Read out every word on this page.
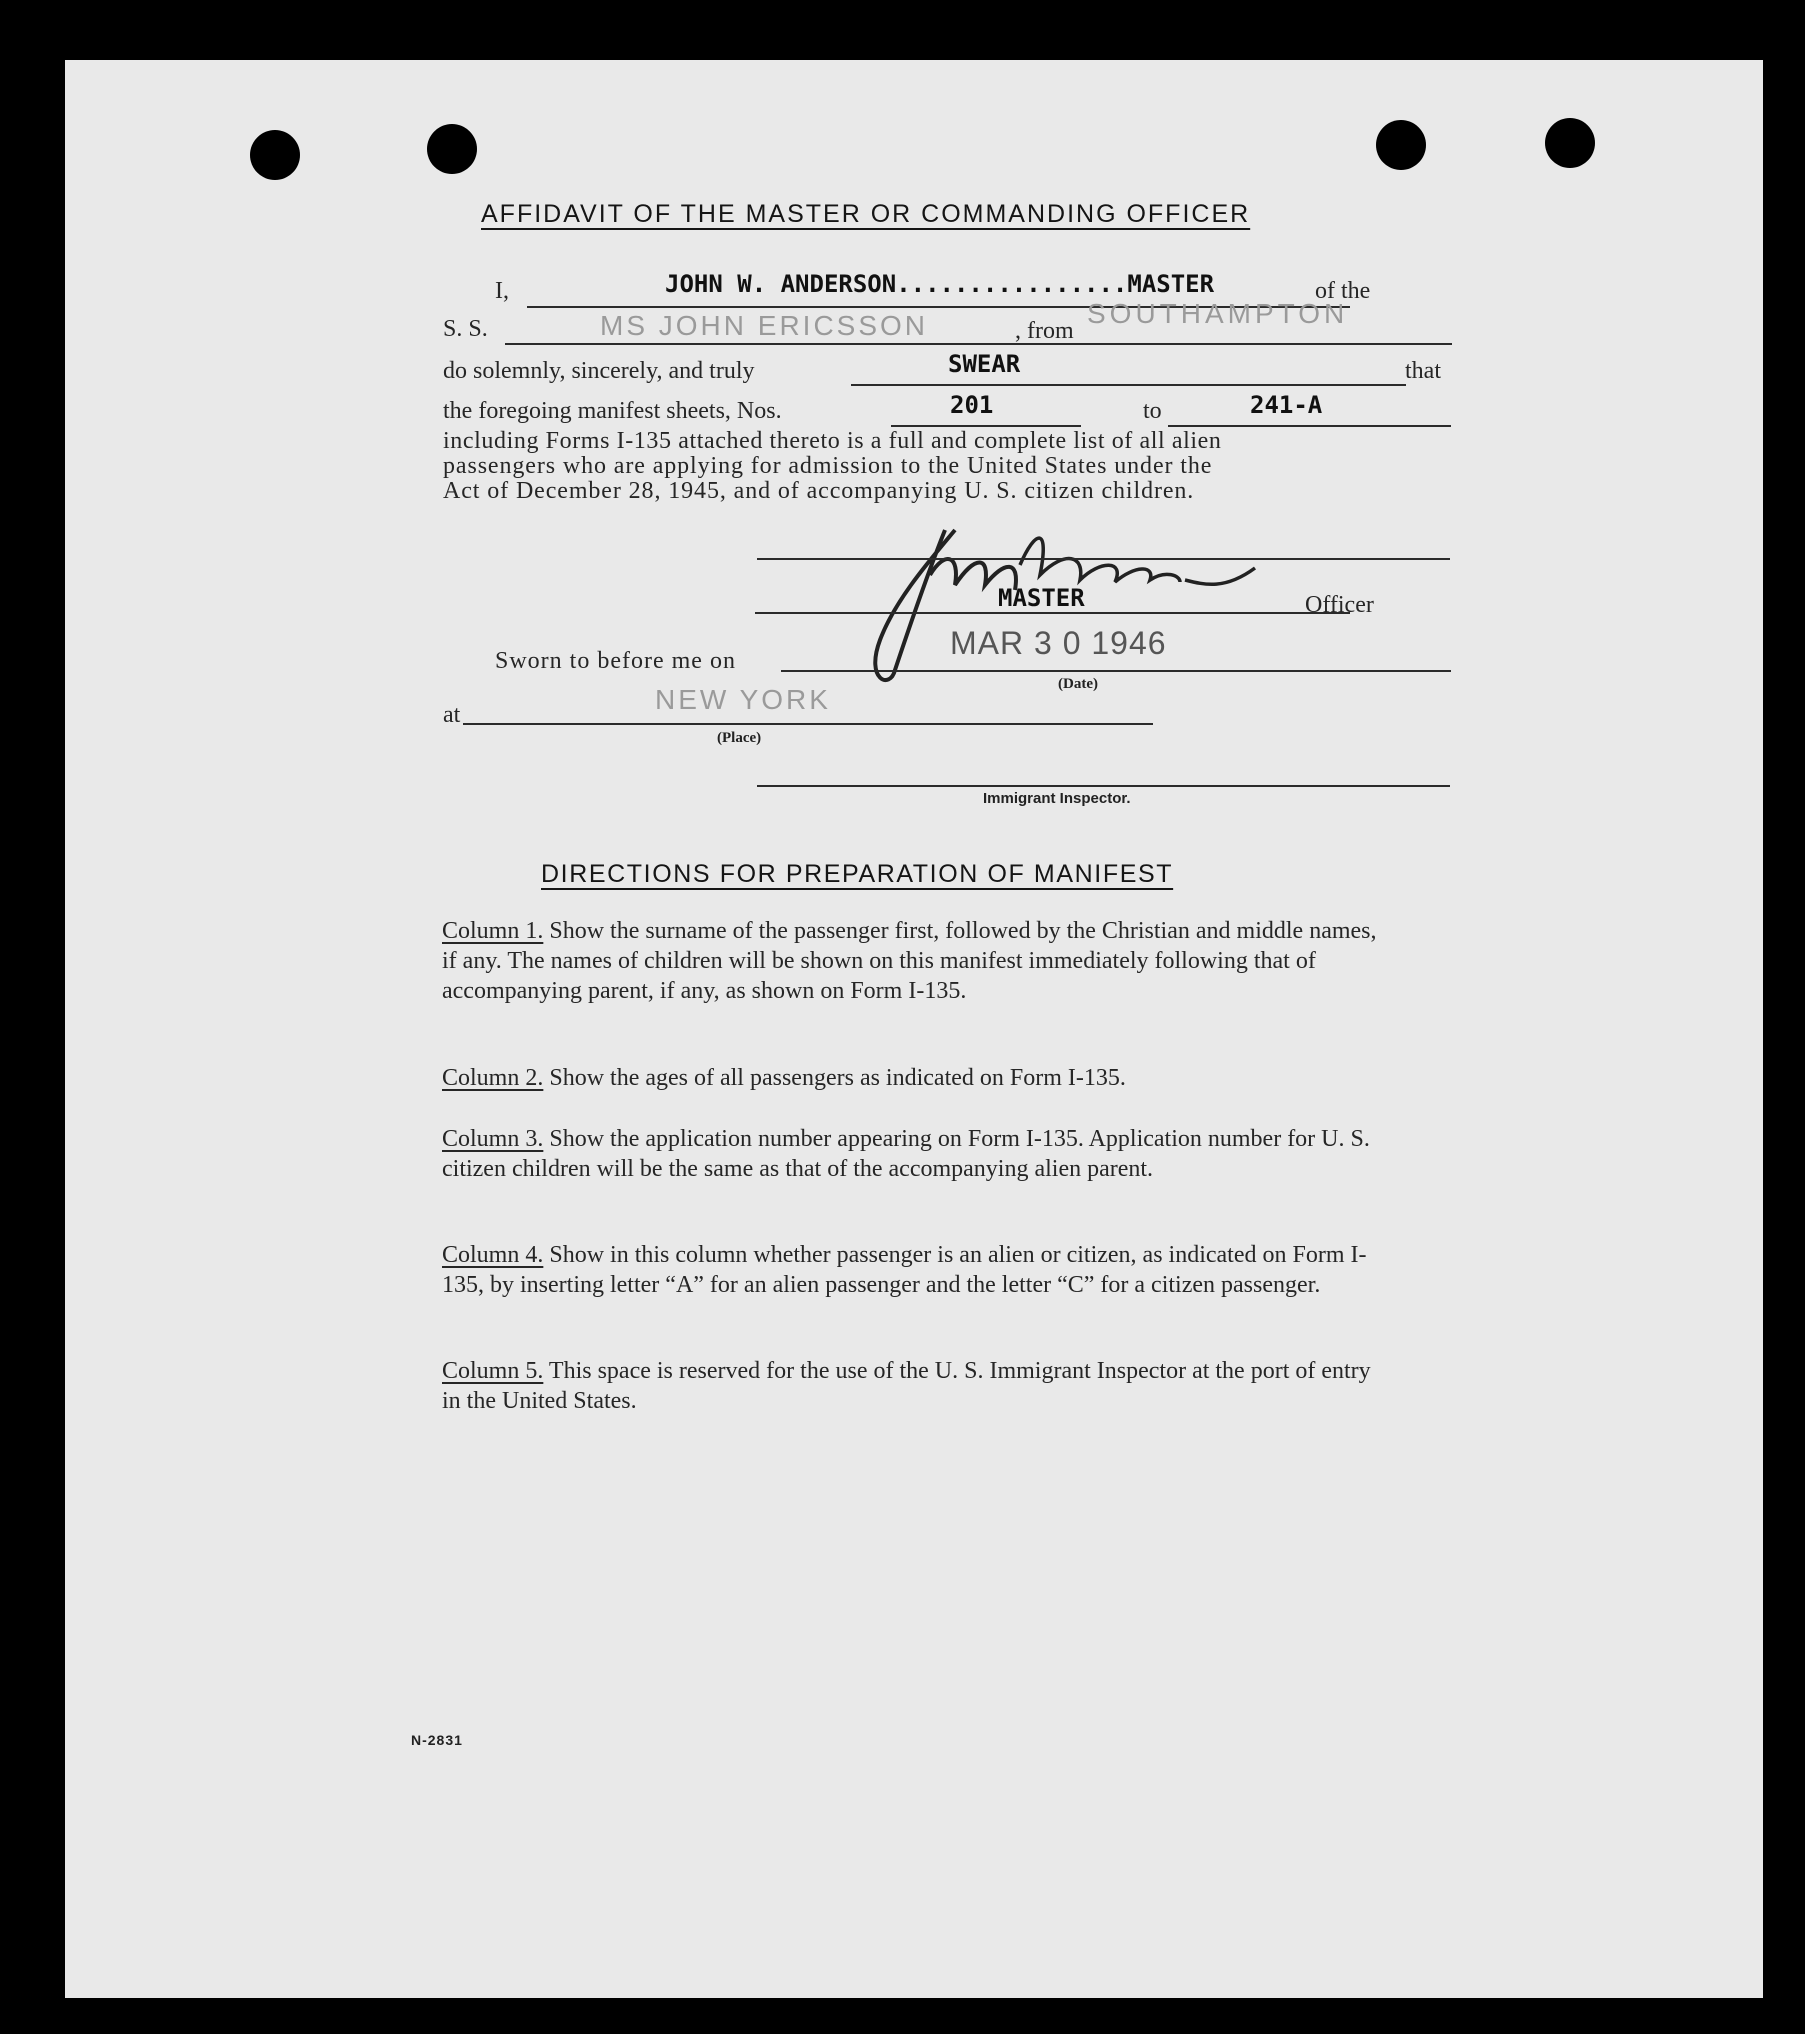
AFFIDAVIT OF THE MASTER OR COMMANDING OFFICER
I,	JOHN W. ANDERSON................MASTER	of the
S. S.	MS JOHN ERICSSON	, from
SOUTHAMPTON
do solemnly, sincerely, and truly	SWEAR	that
the foregoing manifest sheets, Nos.	201	to	241-A
including Forms I-135 attached thereto is a full and complete list of all alien
passengers who are applying for admission to the United States under the
Act of December 28, 1945, and of accompanying U. S. citizen children.
MASTER	Officer
Sworn to before me on	MAR 3 0 1946
(Date)
at	NEW YORK
(Place)
Immigrant Inspector.
DIRECTIONS FOR PREPARATION OF MANIFEST
Column 1. Show the surname of the passenger first, followed by the Christian and middle names, if any. The names of children will be shown on this manifest immediately following that of accompanying parent, if any, as shown on Form I-135.
Column 2. Show the ages of all passengers as indicated on Form I-135.
Column 3. Show the application number appearing on Form I-135. Application number for U. S. citizen children will be the same as that of the accompanying alien parent.
Column 4. Show in this column whether passenger is an alien or citizen, as indicated on Form I-135, by inserting letter “A” for an alien passenger and the letter “C” for a citizen passenger.
Column 5. This space is reserved for the use of the U. S. Immigrant Inspector at the port of entry in the United States.
N-2831
